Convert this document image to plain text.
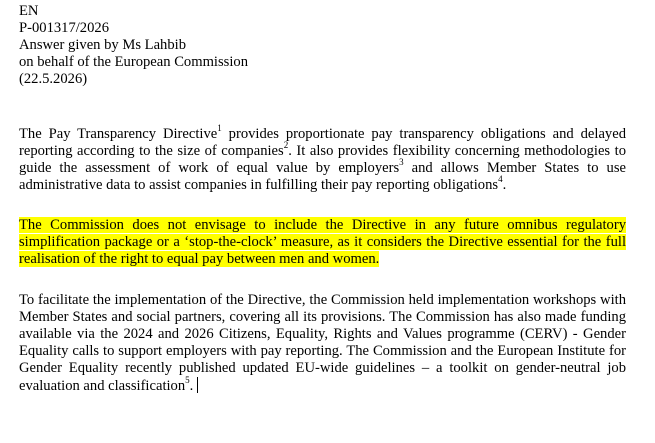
EN
P-001317/2026
Answer given by Ms Lahbib
on behalf of the European Commission
(22.5.2026)

The Pay Transparency Directive$^1$ provides proportionate pay transparency obligations and delayed reporting according to the size of companies$^2$. It also provides flexibility concerning methodologies to guide the assessment of work of equal value by employers$^3$ and allows Member States to use administrative data to assist companies in fulfilling their pay reporting obligations$^4$.

The Commission does not envisage to include the Directive in any future omnibus regulatory simplification package or a ‘stop-the-clock’ measure, as it considers the Directive essential for the full realisation of the right to equal pay between men and women.

To facilitate the implementation of the Directive, the Commission held implementation workshops with Member States and social partners, covering all its provisions. The Commission has also made funding available via the 2024 and 2026 Citizens, Equality, Rights and Values programme (CERV) - Gender Equality calls to support employers with pay reporting. The Commission and the European Institute for Gender Equality recently published updated EU-wide guidelines – a toolkit on gender-neutral job evaluation and classification$^5$.
